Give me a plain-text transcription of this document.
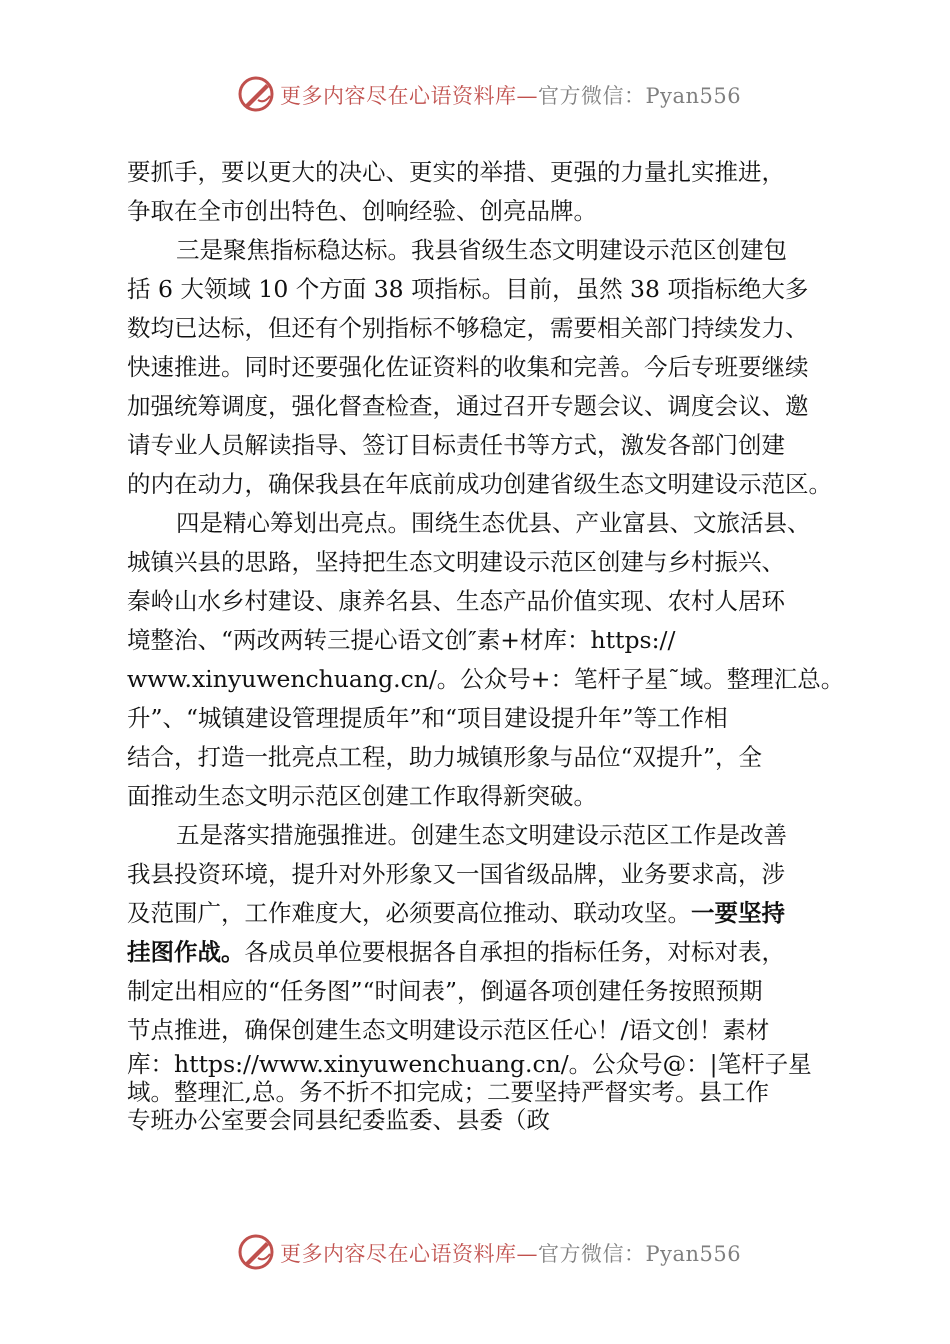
更多内容尽在心语资料库—官方微信：Pyan556
要抓手，要以更大的决心、更实的举措、更强的力量扎实推进，
争取在全市创出特色、创响经验、创亮品牌。
三是聚焦指标稳达标。我县省级生态文明建设示范区创建包
括 6 大领域 10 个方面 38 项指标。目前，虽然 38 项指标绝大多
数均已达标，但还有个别指标不够稳定，需要相关部门持续发力、
快速推进。同时还要强化佐证资料的收集和完善。今后专班要继续
加强统筹调度，强化督查检查，通过召开专题会议、调度会议、邀
请专业人员解读指导、签订目标责任书等方式，激发各部门创建
的内在动力，确保我县在年底前成功创建省级生态文明建设示范区。
四是精心筹划出亮点。围绕生态优县、产业富县、文旅活县、
城镇兴县的思路，坚持把生态文明建设示范区创建与乡村振兴、
秦岭山水乡村建设、康养名县、生态产品价值实现、农村人居环
境整治、“两改两转三提心语文创″素+材库：https://
www.xinyuwenchuang.cn/。公众号+：笔杆子星˜域。整理汇总。
升”、“城镇建设管理提质年”和“项目建设提升年”等工作相
结合，打造一批亮点工程，助力城镇形象与品位“双提升”，全
面推动生态文明示范区创建工作取得新突破。
五是落实措施强推进。创建生态文明建设示范区工作是改善
我县投资环境，提升对外形象又一国省级品牌，业务要求高，涉
及范围广，工作难度大，必须要高位推动、联动攻坚。一要坚持
挂图作战。各成员单位要根据各自承担的指标任务，对标对表，
制定出相应的“任务图”“时间表”，倒逼各项创建任务按照预期
节点推进，确保创建生态文明建设示范区任心！/语文创！素材
库：https://www.xinyuwenchuang.cn/。公众号@：|笔杆子星
域。整理汇,总。务不折不扣完成；二要坚持严督实考。县工作
专班办公室要会同县纪委监委、县委（政
更多内容尽在心语资料库—官方微信：Pyan556
